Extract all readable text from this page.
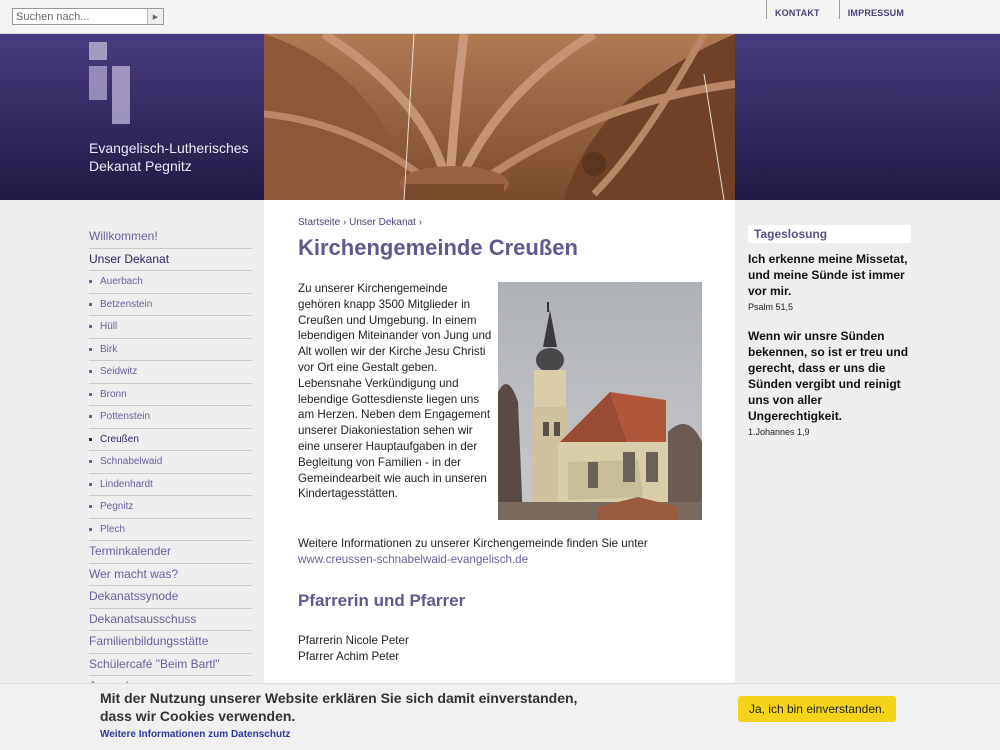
Suchen nach...
▶	KONTAKT	IMPRESSUM
Evangelisch-Lutherisches
Dekanat Pegnitz
Willkommen!
Unser Dekanat
Auerbach
Betzenstein
Hüll
Birk
Seidwitz
Bronn
Pottenstein
Creußen
Schnabelwaid
Lindenhardt
Pegnitz
Plech
Terminkalender
Wer macht was?
Dekanatssynode
Dekanatsausschuss
Familienbildungsstätte
Schülercafé "Beim Bartl"
Startseite › Unser Dekanat ›
Kirchengemeinde Creußen

Zu unserer Kirchengemeinde gehören knapp 3500 Mitglieder in Creußen und Umgebung. In einem lebendigen Miteinander von Jung und Alt wollen wir der Kirche Jesu Christi vor Ort eine Gestalt geben. Lebensnahe Verkündigung und lebendige Gottesdienste liegen uns am Herzen. Neben dem Engagement unserer Diakoniestation sehen wir eine unserer Hauptaufgaben in der Begleitung von Familien - in der Gemeindearbeit wie auch in unseren Kindertagesstätten.

Weitere Informationen zu unserer Kirchengemeinde finden Sie unter
www.creussen-schnabelwaid-evangelisch.de

Pfarrerin und Pfarrer
Pfarrerin Nicole Peter
Pfarrer Achim Peter
Tageslosung
Ich erkenne meine Missetat, und meine Sünde ist immer vor mir.
Psalm 51,5
Wenn wir unsre Sünden bekennen, so ist er treu und gerecht, dass er uns die Sünden vergibt und reinigt uns von aller Ungerechtigkeit.
1.Johannes 1,9
Mit der Nutzung unserer Website erklären Sie sich damit einverstanden,
dass wir Cookies verwenden.
Weitere Informationen zum Datenschutz
Ja, ich bin einverstanden.
